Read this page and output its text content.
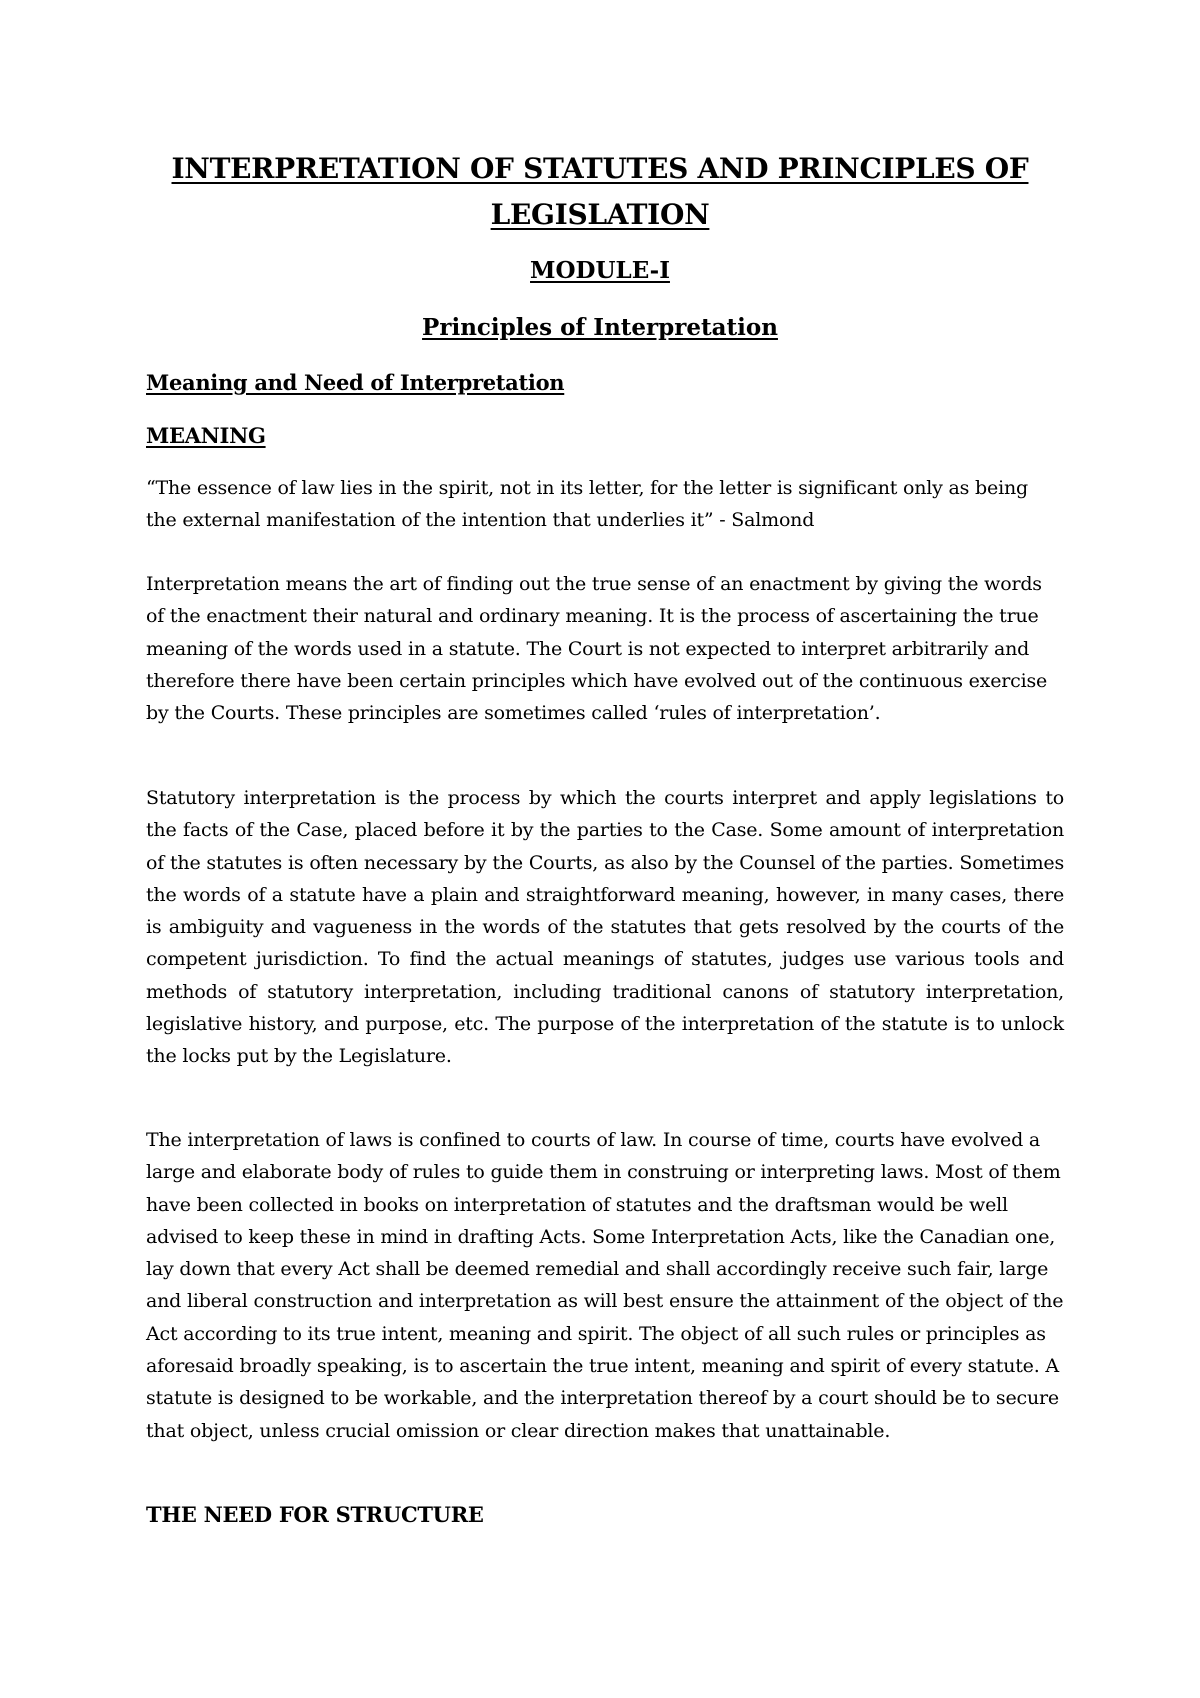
INTERPRETATION OF STATUTES AND PRINCIPLES OF LEGISLATION
MODULE-I
Principles of Interpretation
Meaning and Need of Interpretation
MEANING
“The essence of law lies in the spirit, not in its letter, for the letter is significant only as being the external manifestation of the intention that underlies it” - Salmond
Interpretation means the art of finding out the true sense of an enactment by giving the words of the enactment their natural and ordinary meaning. It is the process of ascertaining the true meaning of the words used in a statute. The Court is not expected to interpret arbitrarily and therefore there have been certain principles which have evolved out of the continuous exercise by the Courts. These principles are sometimes called ‘rules of interpretation’.
Statutory interpretation is the process by which the courts interpret and apply legislations to the facts of the Case, placed before it by the parties to the Case. Some amount of interpretation of the statutes is often necessary by the Courts, as also by the Counsel of the parties. Sometimes the words of a statute have a plain and straightforward meaning, however, in many cases, there is ambiguity and vagueness in the words of the statutes that gets resolved by the courts of the competent jurisdiction. To find the actual meanings of statutes, judges use various tools and methods of statutory interpretation, including traditional canons of statutory interpretation, legislative history, and purpose, etc. The purpose of the interpretation of the statute is to unlock the locks put by the Legislature.
The interpretation of laws is confined to courts of law. In course of time, courts have evolved a large and elaborate body of rules to guide them in construing or interpreting laws. Most of them have been collected in books on interpretation of statutes and the draftsman would be well advised to keep these in mind in drafting Acts. Some Interpretation Acts, like the Canadian one, lay down that every Act shall be deemed remedial and shall accordingly receive such fair, large and liberal construction and interpretation as will best ensure the attainment of the object of the Act according to its true intent, meaning and spirit. The object of all such rules or principles as aforesaid broadly speaking, is to ascertain the true intent, meaning and spirit of every statute. A statute is designed to be workable, and the interpretation thereof by a court should be to secure that object, unless crucial omission or clear direction makes that unattainable.
THE NEED FOR STRUCTURE
